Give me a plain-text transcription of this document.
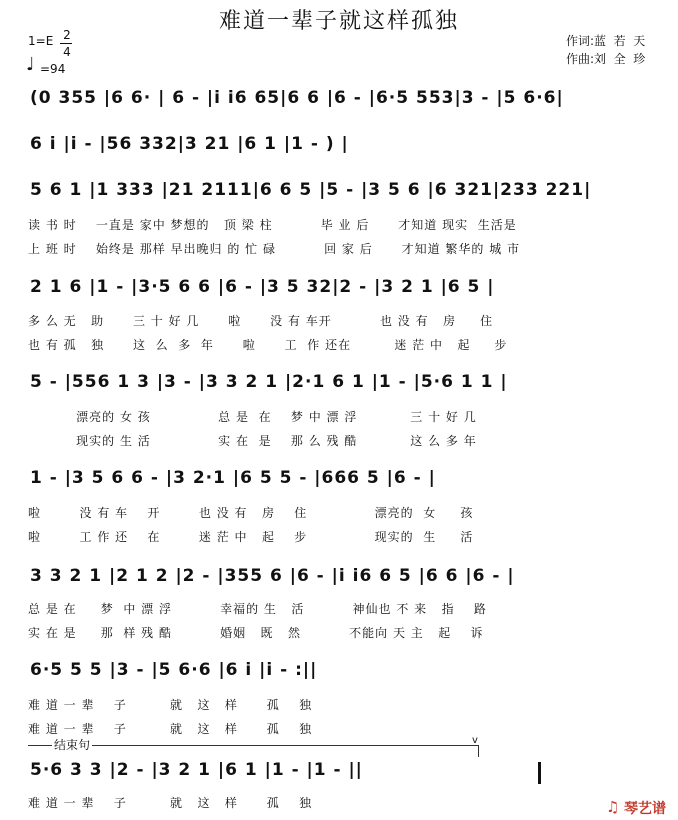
难道一辈子就这样孤独
1=E 2
4
♩ =94
作词:蓝  若  天
作曲:刘  全  珍
(0 355 |6 6· | 6 - |i i6 65|6 6 |6 - |6·5 553|3 - |5 6·6|
6 i |i - |56 332|3 21 |6 1 |1 - ) |
5 6 1 |1 333 |21 2111|6 6 5 |5 - |3 5 6 |6 321|233 221|
读 书 时    一直是 家中 梦想的   顶 梁 柱          毕 业 后      才知道 现实  生活是
上 班 时    始终是 那样 早出晚归 的 忙 碌          回 家 后      才知道 繁华的 城 市
2 1 6 |1 - |3·5 6 6 |6 - |3 5 32|2 - |3 2 1 |6 5 |
多 么 无   助      三 十 好 几      啦      没 有 车开          也 没 有   房     住
也 有 孤   独      这  么  多  年      啦      工  作 还在         迷 茫 中   起     步
5 - |556 1 3 |3 - |3 3 2 1 |2·1 6 1 |1 - |5·6 1 1 |
漂亮的 女 孩              总 是  在    梦 中 漂 浮           三 十 好 几
现实的 生 活              实 在  是    那 么 残 酷           这 么 多 年
1 - |3 5 6 6 - |3 2·1 |6 5 5 - |666 5 |6 - |
啦        没 有 车    开        也 没 有   房    住              漂亮的  女     孩
啦        工 作 还    在        迷 茫 中   起    步              现实的  生     活
3 3 2 1 |2 1 2 |2 - |355 6 |6 - |i i6 6 5 |6 6 |6 - |
总 是 在     梦  中 漂 浮          幸福的 生   活          神仙也 不 来   指    路
实 在 是     那  样 残 酷          婚姻   既   然          不能向 天 主   起    诉
6·5 5 5 |3 - |5 6·6 |6 i |i - :||
难 道 一 辈    子         就   这   样      孤    独
难 道 一 辈    子         就   这   样      孤    独
5·6 3 3 |2 - |3 2 1 |6 1 |1 - |1 - ||
难 道 一 辈    子         就   这   样      孤    独
结束句	v
♫ 琴艺谱
